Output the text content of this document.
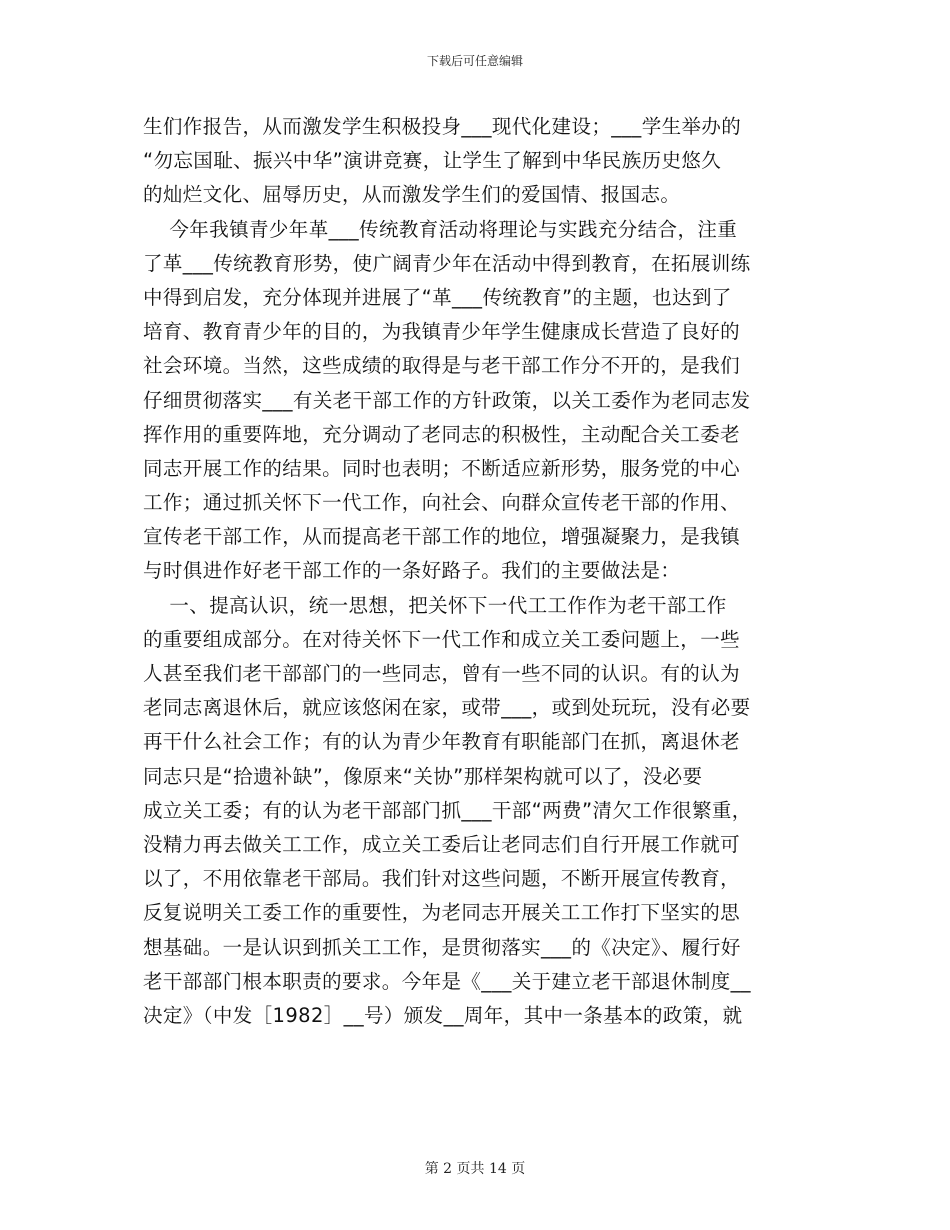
下载后可任意编辑
生们作报告，从而激发学生积极投身___现代化建设；___学生举办的
“勿忘国耻、振兴中华”演讲竞赛，让学生了解到中华民族历史悠久
的灿烂文化、屈辱历史，从而激发学生们的爱国情、报国志。
今年我镇青少年革___传统教育活动将理论与实践充分结合，注重
了革___传统教育形势，使广阔青少年在活动中得到教育，在拓展训练
中得到启发，充分体现并进展了“革___传统教育”的主题，也达到了
培育、教育青少年的目的，为我镇青少年学生健康成长营造了良好的
社会环境。当然，这些成绩的取得是与老干部工作分不开的，是我们
仔细贯彻落实___有关老干部工作的方针政策，以关工委作为老同志发
挥作用的重要阵地，充分调动了老同志的积极性，主动配合关工委老
同志开展工作的结果。同时也表明；不断适应新形势，服务党的中心
工作；通过抓关怀下一代工作，向社会、向群众宣传老干部的作用、
宣传老干部工作，从而提高老干部工作的地位，增强凝聚力，是我镇
与时俱进作好老干部工作的一条好路子。我们的主要做法是：
一、提高认识，统一思想，把关怀下一代工工作作为老干部工作
的重要组成部分。在对待关怀下一代工作和成立关工委问题上，一些
人甚至我们老干部部门的一些同志，曾有一些不同的认识。有的认为
老同志离退休后，就应该悠闲在家，或带___，或到处玩玩，没有必要
再干什么社会工作；有的认为青少年教育有职能部门在抓，离退休老
同志只是“拾遗补缺”，像原来“关协”那样架构就可以了，没必要
成立关工委；有的认为老干部部门抓___干部“两费”清欠工作很繁重，
没精力再去做关工工作，成立关工委后让老同志们自行开展工作就可
以了，不用依靠老干部局。我们针对这些问题，不断开展宣传教育，
反复说明关工委工作的重要性，为老同志开展关工工作打下坚实的思
想基础。一是认识到抓关工工作，是贯彻落实___的《决定》、履行好
老干部部门根本职责的要求。今年是《___关于建立老干部退休制度__
决定》（中发［1982］__号）颁发__周年，其中一条基本的政策，就
第 2 页共 14 页
